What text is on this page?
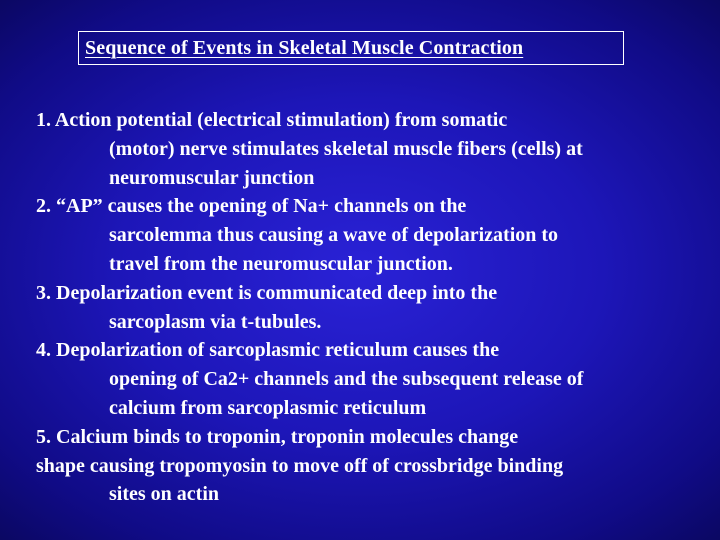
Sequence of Events in Skeletal Muscle Contraction
1. Action potential (electrical stimulation) from somatic
(motor) nerve stimulates skeletal muscle fibers (cells) at
neuromuscular junction
2. “AP” causes the opening of Na+ channels on the
sarcolemma thus causing a wave of depolarization to
travel from the neuromuscular junction.
3. Depolarization event is communicated deep into the
sarcoplasm via t-tubules.
4. Depolarization of sarcoplasmic reticulum causes the
opening of Ca2+ channels and the subsequent release of
calcium from sarcoplasmic reticulum
5. Calcium binds to troponin, troponin molecules change
shape causing tropomyosin to move off of crossbridge binding
sites on actin
